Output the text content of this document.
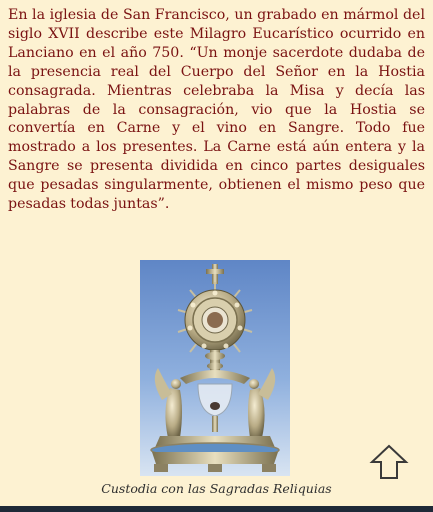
En la iglesia de San Francisco, un grabado en mármol del siglo XVII describe este Milagro Eucarístico ocurrido en Lanciano en el año 750. “Un monje sacerdote dudaba de la presencia real del Cuerpo del Señor en la Hostia consagrada. Mientras celebraba la Misa y decía las palabras de la consagración, vio que la Hostia se convertía en Carne y el vino en Sangre. Todo fue mostrado a los presentes. La Carne está aún entera y la Sangre se presenta dividida en cinco partes desiguales que pesadas singularmente, obtienen el mismo peso que pesadas todas juntas”.

Custodia con las Sagradas Reliquias
